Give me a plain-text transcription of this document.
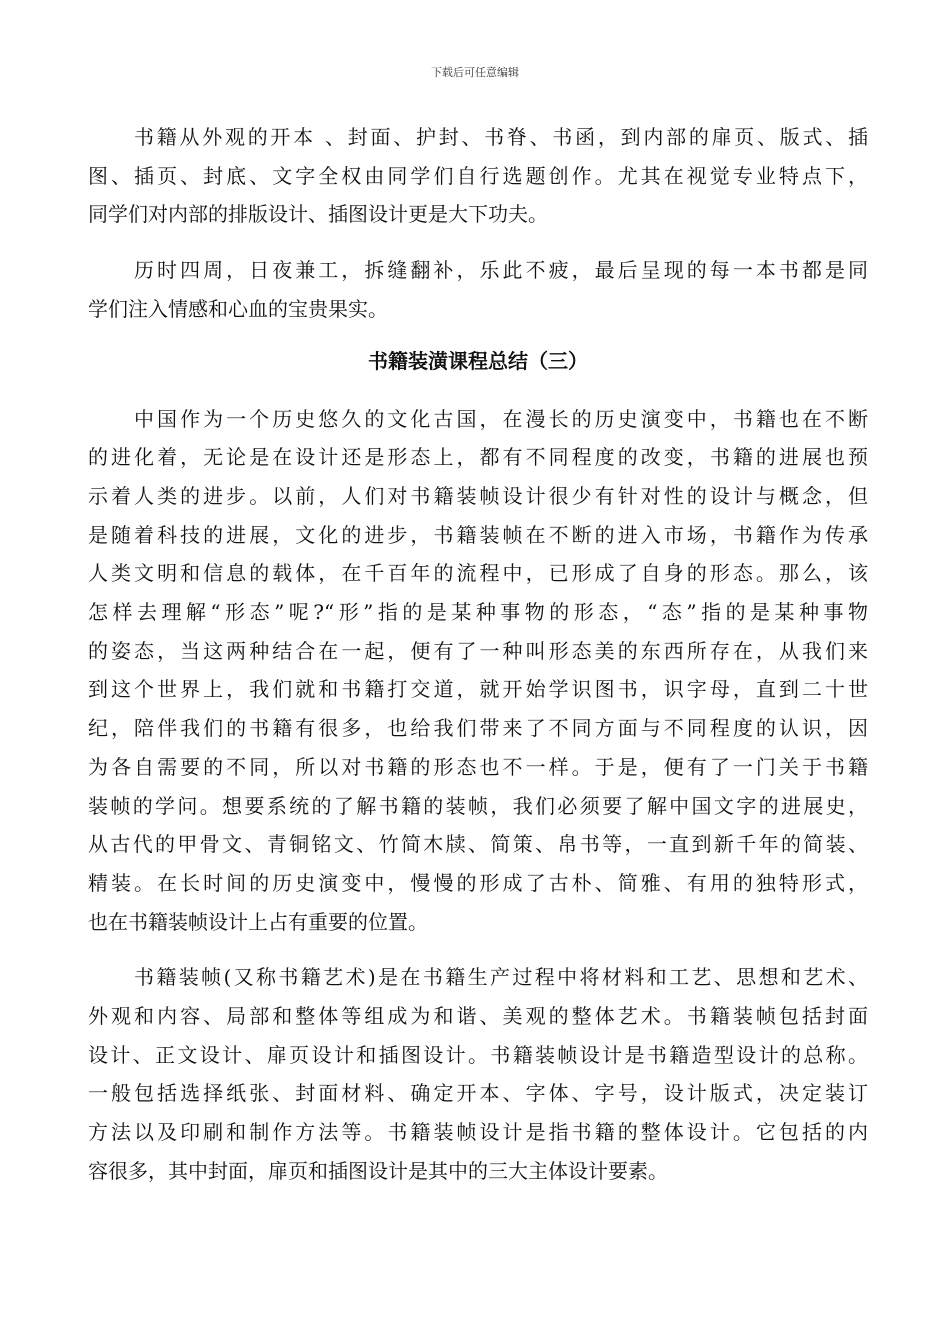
下载后可任意编辑
书籍从外观的开本 、封面、护封、书脊、书函，到内部的扉页、版式、插
图、插页、封底、文字全权由同学们自行选题创作。尤其在视觉专业特点下，
同学们对内部的排版设计、插图设计更是大下功夫。
历时四周，日夜兼工，拆缝翻补，乐此不疲，最后呈现的每一本书都是同
学们注入情感和心血的宝贵果实。
书籍装潢课程总结（三）
中国作为一个历史悠久的文化古国，在漫长的历史演变中，书籍也在不断
的进化着，无论是在设计还是形态上，都有不同程度的改变，书籍的进展也预
示着人类的进步。以前，人们对书籍装帧设计很少有针对性的设计与概念，但
是随着科技的进展，文化的进步，书籍装帧在不断的进入市场，书籍作为传承
人类文明和信息的载体，在千百年的流程中，已形成了自身的形态。那么，该
怎样去理解“形态”呢?“形”指的是某种事物的形态，“态”指的是某种事物
的姿态，当这两种结合在一起，便有了一种叫形态美的东西所存在，从我们来
到这个世界上，我们就和书籍打交道，就开始学识图书，识字母，直到二十世
纪，陪伴我们的书籍有很多，也给我们带来了不同方面与不同程度的认识，因
为各自需要的不同，所以对书籍的形态也不一样。于是，便有了一门关于书籍
装帧的学问。想要系统的了解书籍的装帧，我们必须要了解中国文字的进展史，
从古代的甲骨文、青铜铭文、竹简木牍、简策、帛书等，一直到新千年的简装、
精装。在长时间的历史演变中，慢慢的形成了古朴、简雅、有用的独特形式，
也在书籍装帧设计上占有重要的位置。
书籍装帧(又称书籍艺术)是在书籍生产过程中将材料和工艺、思想和艺术、
外观和内容、局部和整体等组成为和谐、美观的整体艺术。书籍装帧包括封面
设计、正文设计、扉页设计和插图设计。书籍装帧设计是书籍造型设计的总称。
一般包括选择纸张、封面材料、确定开本、字体、字号，设计版式，决定装订
方法以及印刷和制作方法等。书籍装帧设计是指书籍的整体设计。它包括的内
容很多，其中封面，扉页和插图设计是其中的三大主体设计要素。
